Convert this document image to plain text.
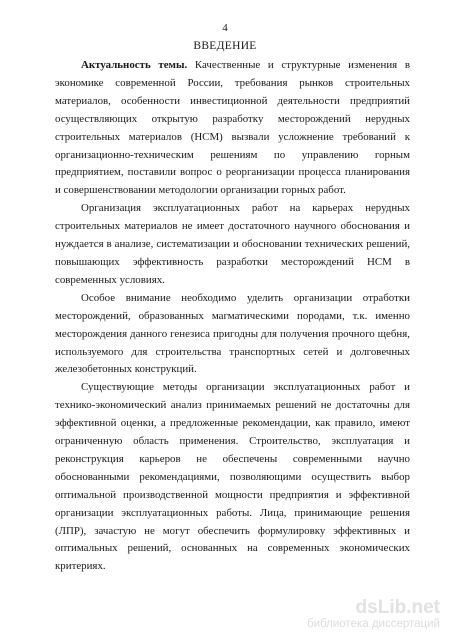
4
ВВЕДЕНИЕ

Актуальность темы. Качественные и структурные изменения в экономике современной России, требования рынков строительных материалов, особенности инвестиционной деятельности предприятий осуществляющих открытую разработку месторождений нерудных строительных материалов (НСМ) вызвали усложнение требований к организационно-техническим решениям по управлению горным предприятием, поставили вопрос о реорганизации процесса планирования и совершенствовании методологии организации горных работ.

Организация эксплуатационных работ на карьерах нерудных строительных материалов не имеет достаточного научного обоснования и нуждается в анализе, систематизации и обосновании технических решений, повышающих эффективность разработки месторождений НСМ в современных условиях.

Особое внимание необходимо уделить организации отработки месторождений, образованных магматическими породами, т.к. именно месторождения данного генезиса пригодны для получения прочного щебня, используемого для строительства транспортных сетей и долговечных железобетонных конструкций.

Существующие методы организации эксплуатационных работ и технико-экономический анализ принимаемых решений не достаточны для эффективной оценки, а предложенные рекомендации, как правило, имеют ограниченную область применения. Строительство, эксплуатация и реконструкция карьеров не обеспечены современными научно обоснованными рекомендациями, позволяющими осуществить выбор оптимальной производственной мощности предприятия и эффективной организации эксплуатационных работы. Лица, принимающие решения (ЛПР), зачастую не могут обеспечить формулировку эффективных и оптимальных решений, основанных на современных экономических критериях.

dsLib.net
библиотека диссертаций
